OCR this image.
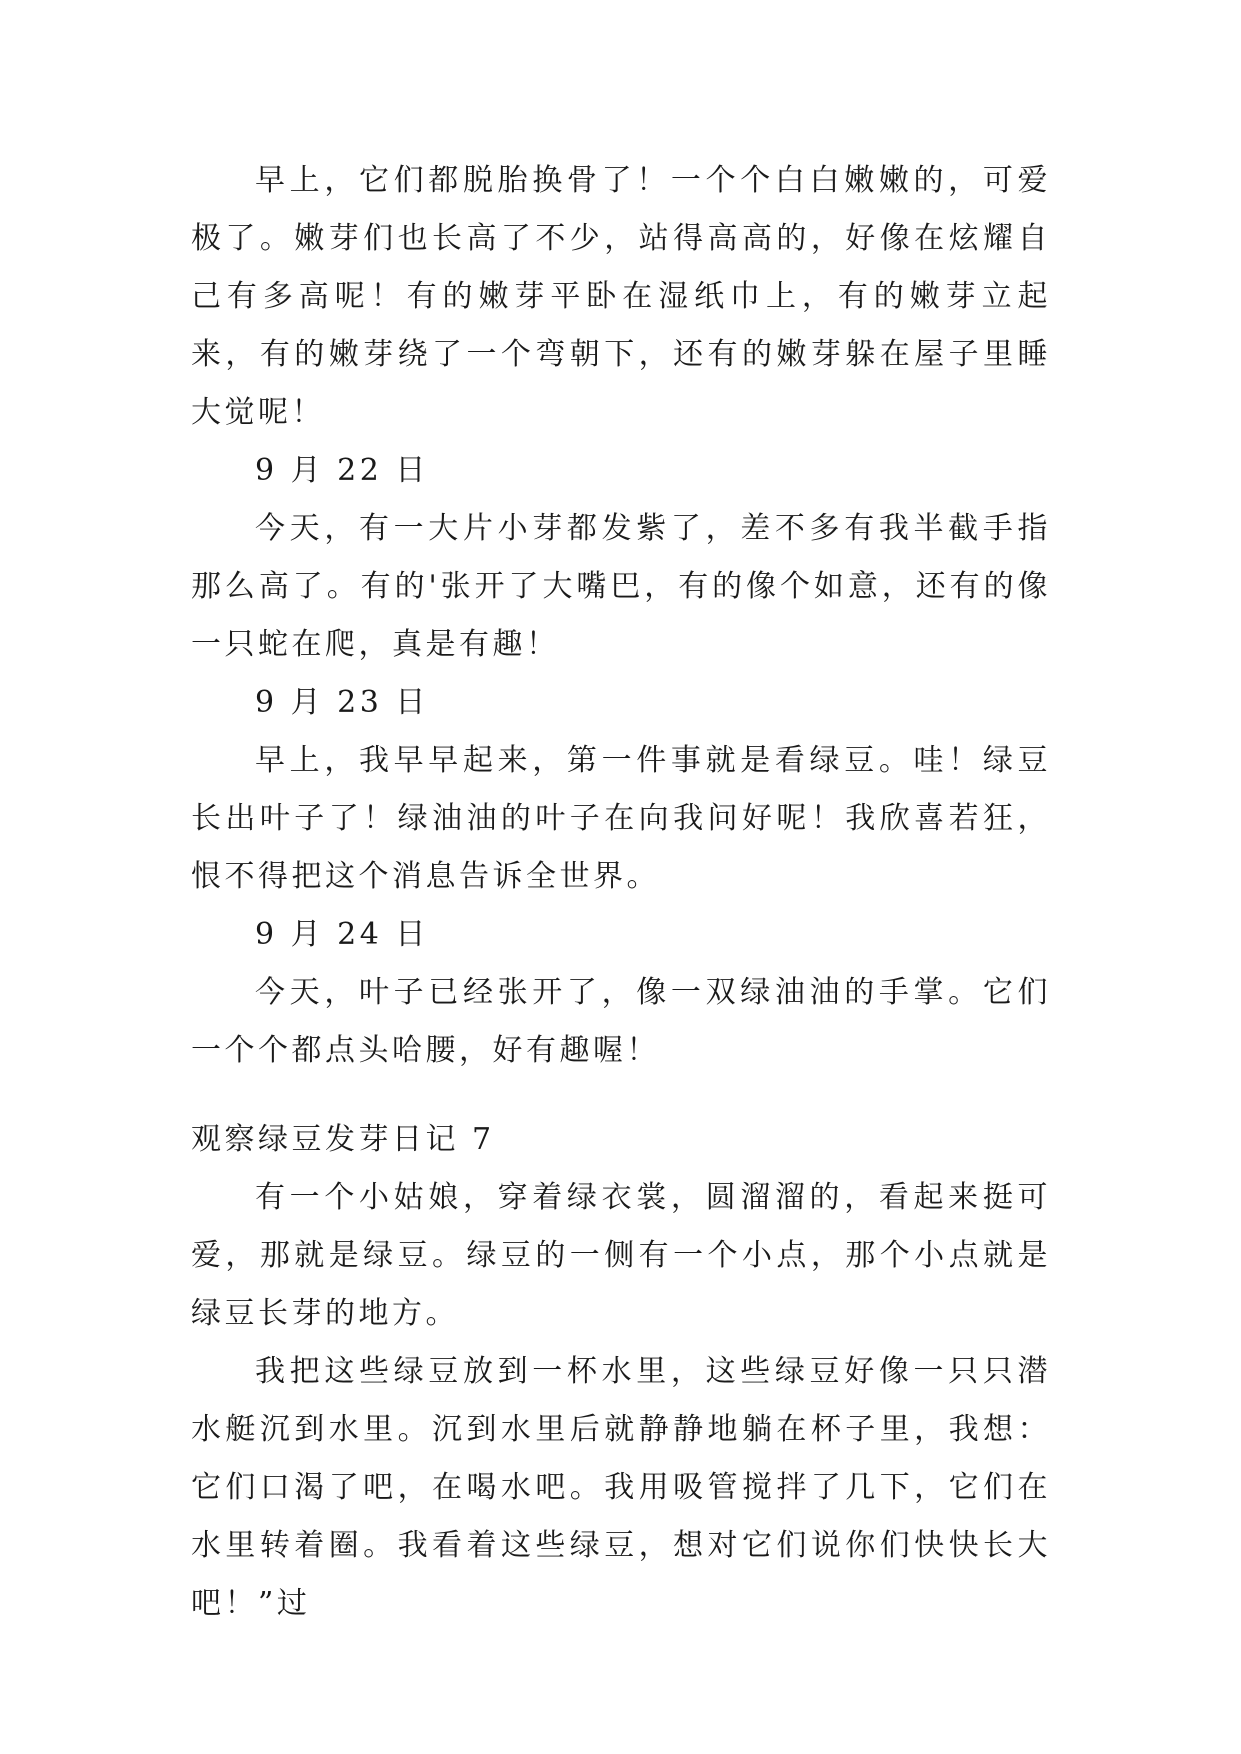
早上，它们都脱胎换骨了！一个个白白嫩嫩的，可爱极了。嫩芽们也长高了不少，站得高高的，好像在炫耀自己有多高呢！有的嫩芽平卧在湿纸巾上，有的嫩芽立起来，有的嫩芽绕了一个弯朝下，还有的嫩芽躲在屋子里睡大觉呢！

9 月 22 日

今天，有一大片小芽都发紫了，差不多有我半截手指那么高了。有的'张开了大嘴巴，有的像个如意，还有的像一只蛇在爬，真是有趣！

9 月 23 日

早上，我早早起来，第一件事就是看绿豆。哇！绿豆长出叶子了！绿油油的叶子在向我问好呢！我欣喜若狂，恨不得把这个消息告诉全世界。

9 月 24 日

今天，叶子已经张开了，像一双绿油油的手掌。它们一个个都点头哈腰，好有趣喔！

观察绿豆发芽日记 7

有一个小姑娘，穿着绿衣裳，圆溜溜的，看起来挺可爱，那就是绿豆。绿豆的一侧有一个小点，那个小点就是绿豆长芽的地方。

我把这些绿豆放到一杯水里，这些绿豆好像一只只潜水艇沉到水里。沉到水里后就静静地躺在杯子里，我想：它们口渴了吧，在喝水吧。我用吸管搅拌了几下，它们在水里转着圈。我看着这些绿豆，想对它们说你们快快长大吧！”过
